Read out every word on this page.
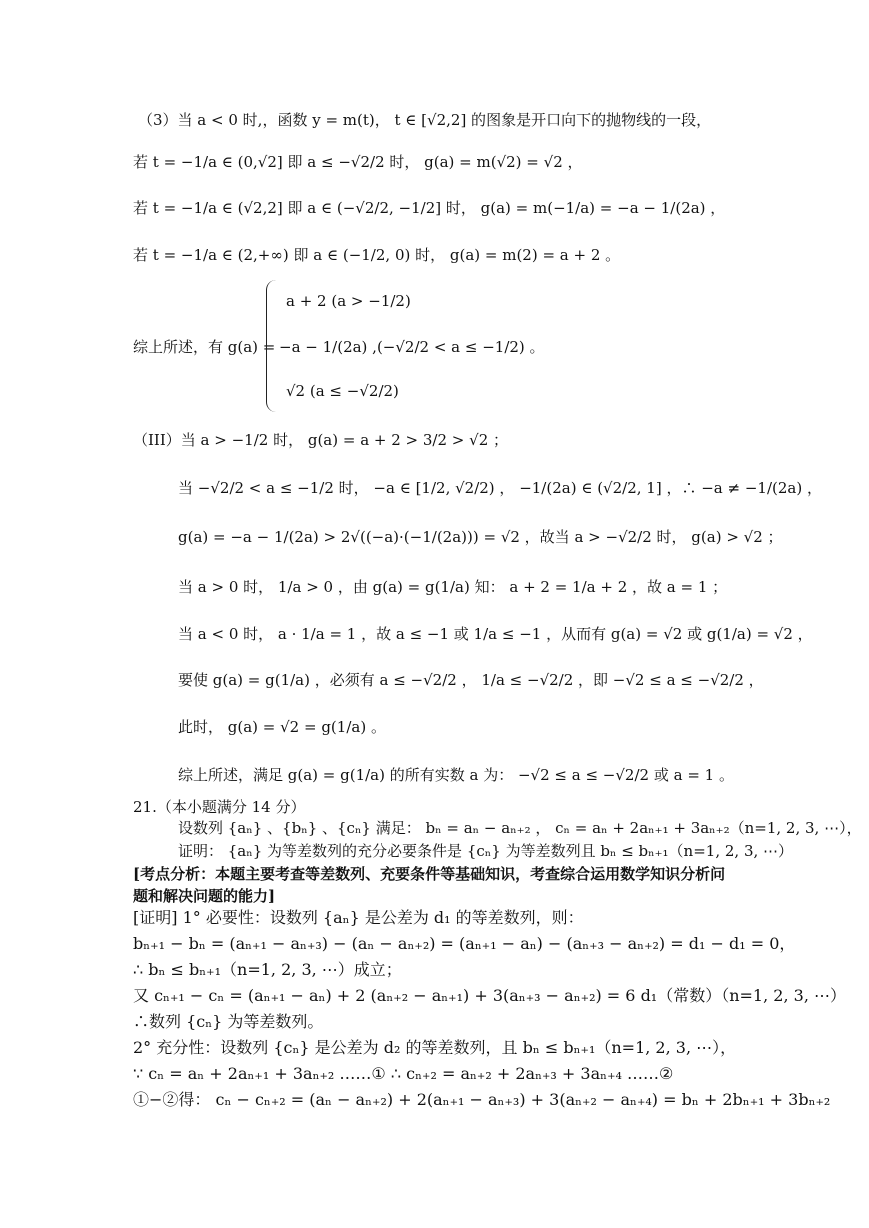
（3）当 a < 0 时,，函数 y = m(t)， t ∈ [√2,2] 的图象是开口向下的抛物线的一段，
若 t = −1/a ∈ (0,√2] 即 a ≤ −√2/2 时， g(a) = m(√2) = √2 ，
若 t = −1/a ∈ (√2,2] 即 a ∈ (−√2/2, −1/2] 时， g(a) = m(−1/a) = −a − 1/(2a) ，
若 t = −1/a ∈ (2,+∞) 即 a ∈ (−1/2, 0) 时， g(a) = m(2) = a + 2 。
综上所述，有 g(a) =
a + 2 (a > −1/2)
−a − 1/(2a) ,(−√2/2 < a ≤ −1/2) 。
√2 (a ≤ −√2/2)
（III）当 a > −1/2 时， g(a) = a + 2 > 3/2 > √2 ；
当 −√2/2 < a ≤ −1/2 时， −a ∈ [1/2, √2/2) ， −1/(2a) ∈ (√2/2, 1] ，∴ −a ≠ −1/(2a) ，
g(a) = −a − 1/(2a) > 2√((−a)·(−1/(2a))) = √2 ，故当 a > −√2/2 时， g(a) > √2 ；
当 a > 0 时， 1/a > 0 ，由 g(a) = g(1/a) 知： a + 2 = 1/a + 2 ，故 a = 1 ；
当 a < 0 时， a · 1/a = 1 ，故 a ≤ −1 或 1/a ≤ −1 ，从而有 g(a) = √2 或 g(1/a) = √2 ，
要使 g(a) = g(1/a) ，必须有 a ≤ −√2/2 ， 1/a ≤ −√2/2 ，即 −√2 ≤ a ≤ −√2/2 ，
此时， g(a) = √2 = g(1/a) 。
综上所述，满足 g(a) = g(1/a) 的所有实数 a 为： −√2 ≤ a ≤ −√2/2 或 a = 1 。
21.（本小题满分 14 分）
设数列 {aₙ} 、{bₙ} 、{cₙ} 满足： bₙ = aₙ − aₙ₊₂ ， cₙ = aₙ + 2aₙ₊₁ + 3aₙ₊₂（n=1, 2, 3, ⋯），
证明： {aₙ} 为等差数列的充分必要条件是 {cₙ} 为等差数列且 bₙ ≤ bₙ₊₁（n=1, 2, 3, ⋯）
[考点分析：本题主要考查等差数列、充要条件等基础知识，考查综合运用数学知识分析问
题和解决问题的能力]
[证明] 1° 必要性：设数列 {aₙ} 是公差为 d₁ 的等差数列，则：
bₙ₊₁ − bₙ = (aₙ₊₁ − aₙ₊₃) − (aₙ − aₙ₊₂) = (aₙ₊₁ − aₙ) − (aₙ₊₃ − aₙ₊₂) = d₁ − d₁ = 0，
∴ bₙ ≤ bₙ₊₁（n=1, 2, 3, ⋯）成立；
又 cₙ₊₁ − cₙ = (aₙ₊₁ − aₙ) + 2 (aₙ₊₂ − aₙ₊₁) + 3(aₙ₊₃ − aₙ₊₂) = 6 d₁（常数）（n=1, 2, 3, ⋯）
∴数列 {cₙ} 为等差数列。
2° 充分性：设数列 {cₙ} 是公差为 d₂ 的等差数列，且 bₙ ≤ bₙ₊₁（n=1, 2, 3, ⋯），
∵ cₙ = aₙ + 2aₙ₊₁ + 3aₙ₊₂ ……① ∴ cₙ₊₂ = aₙ₊₂ + 2aₙ₊₃ + 3aₙ₊₄ ……②
①−②得： cₙ − cₙ₊₂ = (aₙ − aₙ₊₂) + 2(aₙ₊₁ − aₙ₊₃) + 3(aₙ₊₂ − aₙ₊₄) = bₙ + 2bₙ₊₁ + 3bₙ₊₂
